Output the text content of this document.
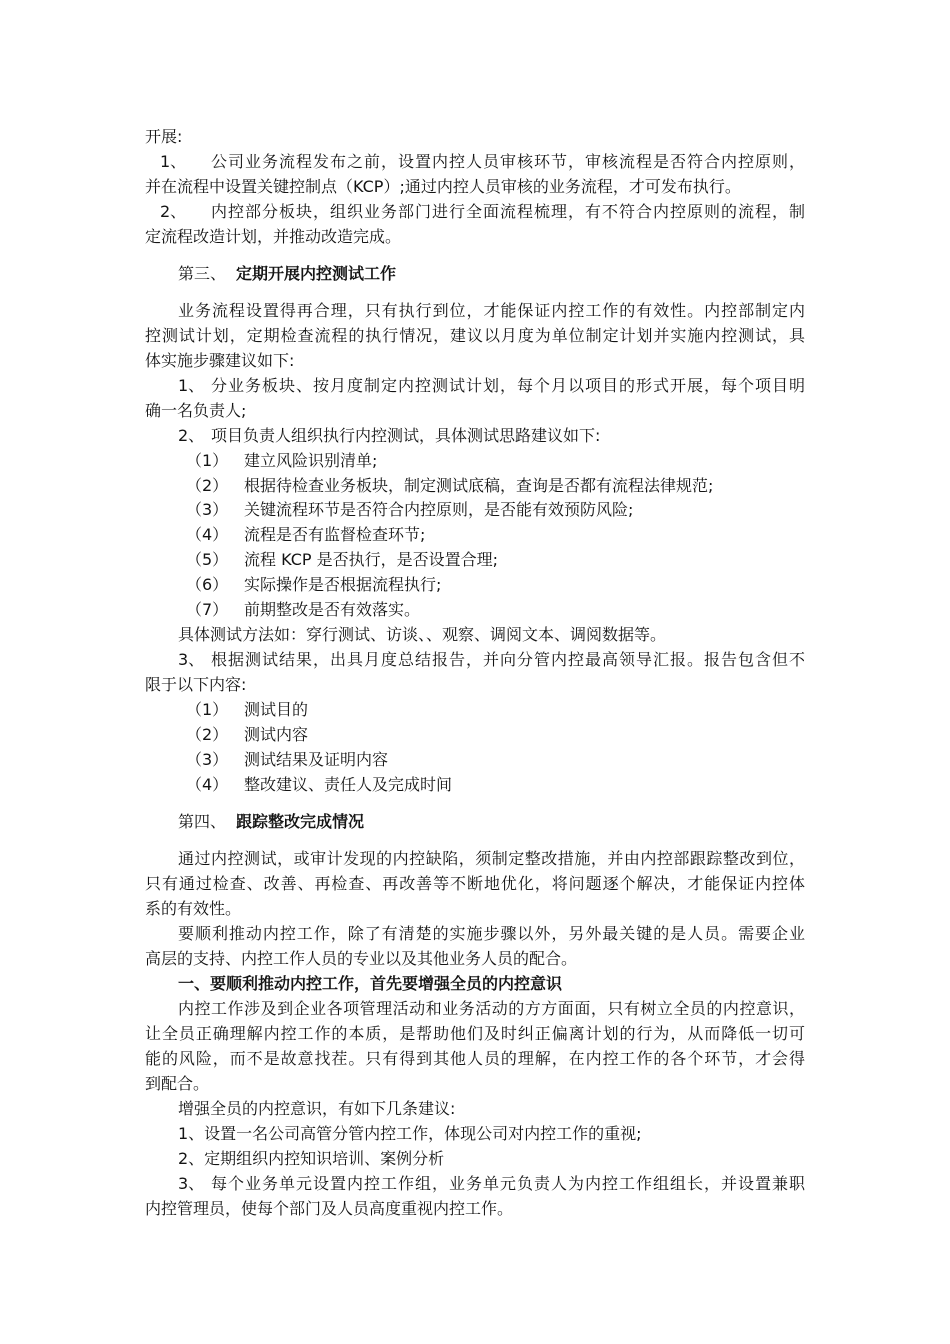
开展:
1、 公司业务流程发布之前，设置内控人员审核环节，审核流程是否符合内控原则，
并在流程中设置关键控制点（KCP）;通过内控人员审核的业务流程，才可发布执行。
2、 内控部分板块，组织业务部门进行全面流程梳理，有不符合内控原则的流程，制
定流程改造计划，并推动改造完成。
第三、 定期开展内控测试工作
业务流程设置得再合理，只有执行到位，才能保证内控工作的有效性。内控部制定内
控测试计划，定期检查流程的执行情况，建议以月度为单位制定计划并实施内控测试，具
体实施步骤建议如下:
1、 分业务板块、按月度制定内控测试计划，每个月以项目的形式开展，每个项目明
确一名负责人;
2、 项目负责人组织执行内控测试，具体测试思路建议如下:
（1） 建立风险识别清单;
（2） 根据待检查业务板块，制定测试底稿，查询是否都有流程法律规范;
（3） 关键流程环节是否符合内控原则，是否能有效预防风险;
（4） 流程是否有监督检查环节;
（5） 流程 KCP 是否执行，是否设置合理;
（6） 实际操作是否根据流程执行;
（7） 前期整改是否有效落实。
具体测试方法如：穿行测试、访谈、、观察、调阅文本、调阅数据等。
3、 根据测试结果，出具月度总结报告，并向分管内控最高领导汇报。报告包含但不
限于以下内容:
（1） 测试目的
（2） 测试内容
（3） 测试结果及证明内容
（4） 整改建议、责任人及完成时间
第四、 跟踪整改完成情况
通过内控测试，或审计发现的内控缺陷，须制定整改措施，并由内控部跟踪整改到位，
只有通过检查、改善、再检查、再改善等不断地优化，将问题逐个解决，才能保证内控体
系的有效性。
要顺利推动内控工作，除了有清楚的实施步骤以外，另外最关键的是人员。需要企业
高层的支持、内控工作人员的专业以及其他业务人员的配合。
一、要顺利推动内控工作，首先要增强全员的内控意识
内控工作涉及到企业各项管理活动和业务活动的方方面面，只有树立全员的内控意识，
让全员正确理解内控工作的本质，是帮助他们及时纠正偏离计划的行为，从而降低一切可
能的风险，而不是故意找茬。只有得到其他人员的理解，在内控工作的各个环节，才会得
到配合。
增强全员的内控意识，有如下几条建议:
1、设置一名公司高管分管内控工作，体现公司对内控工作的重视;
2、定期组织内控知识培训、案例分析
3、 每个业务单元设置内控工作组，业务单元负责人为内控工作组组长，并设置兼职
内控管理员，使每个部门及人员高度重视内控工作。
